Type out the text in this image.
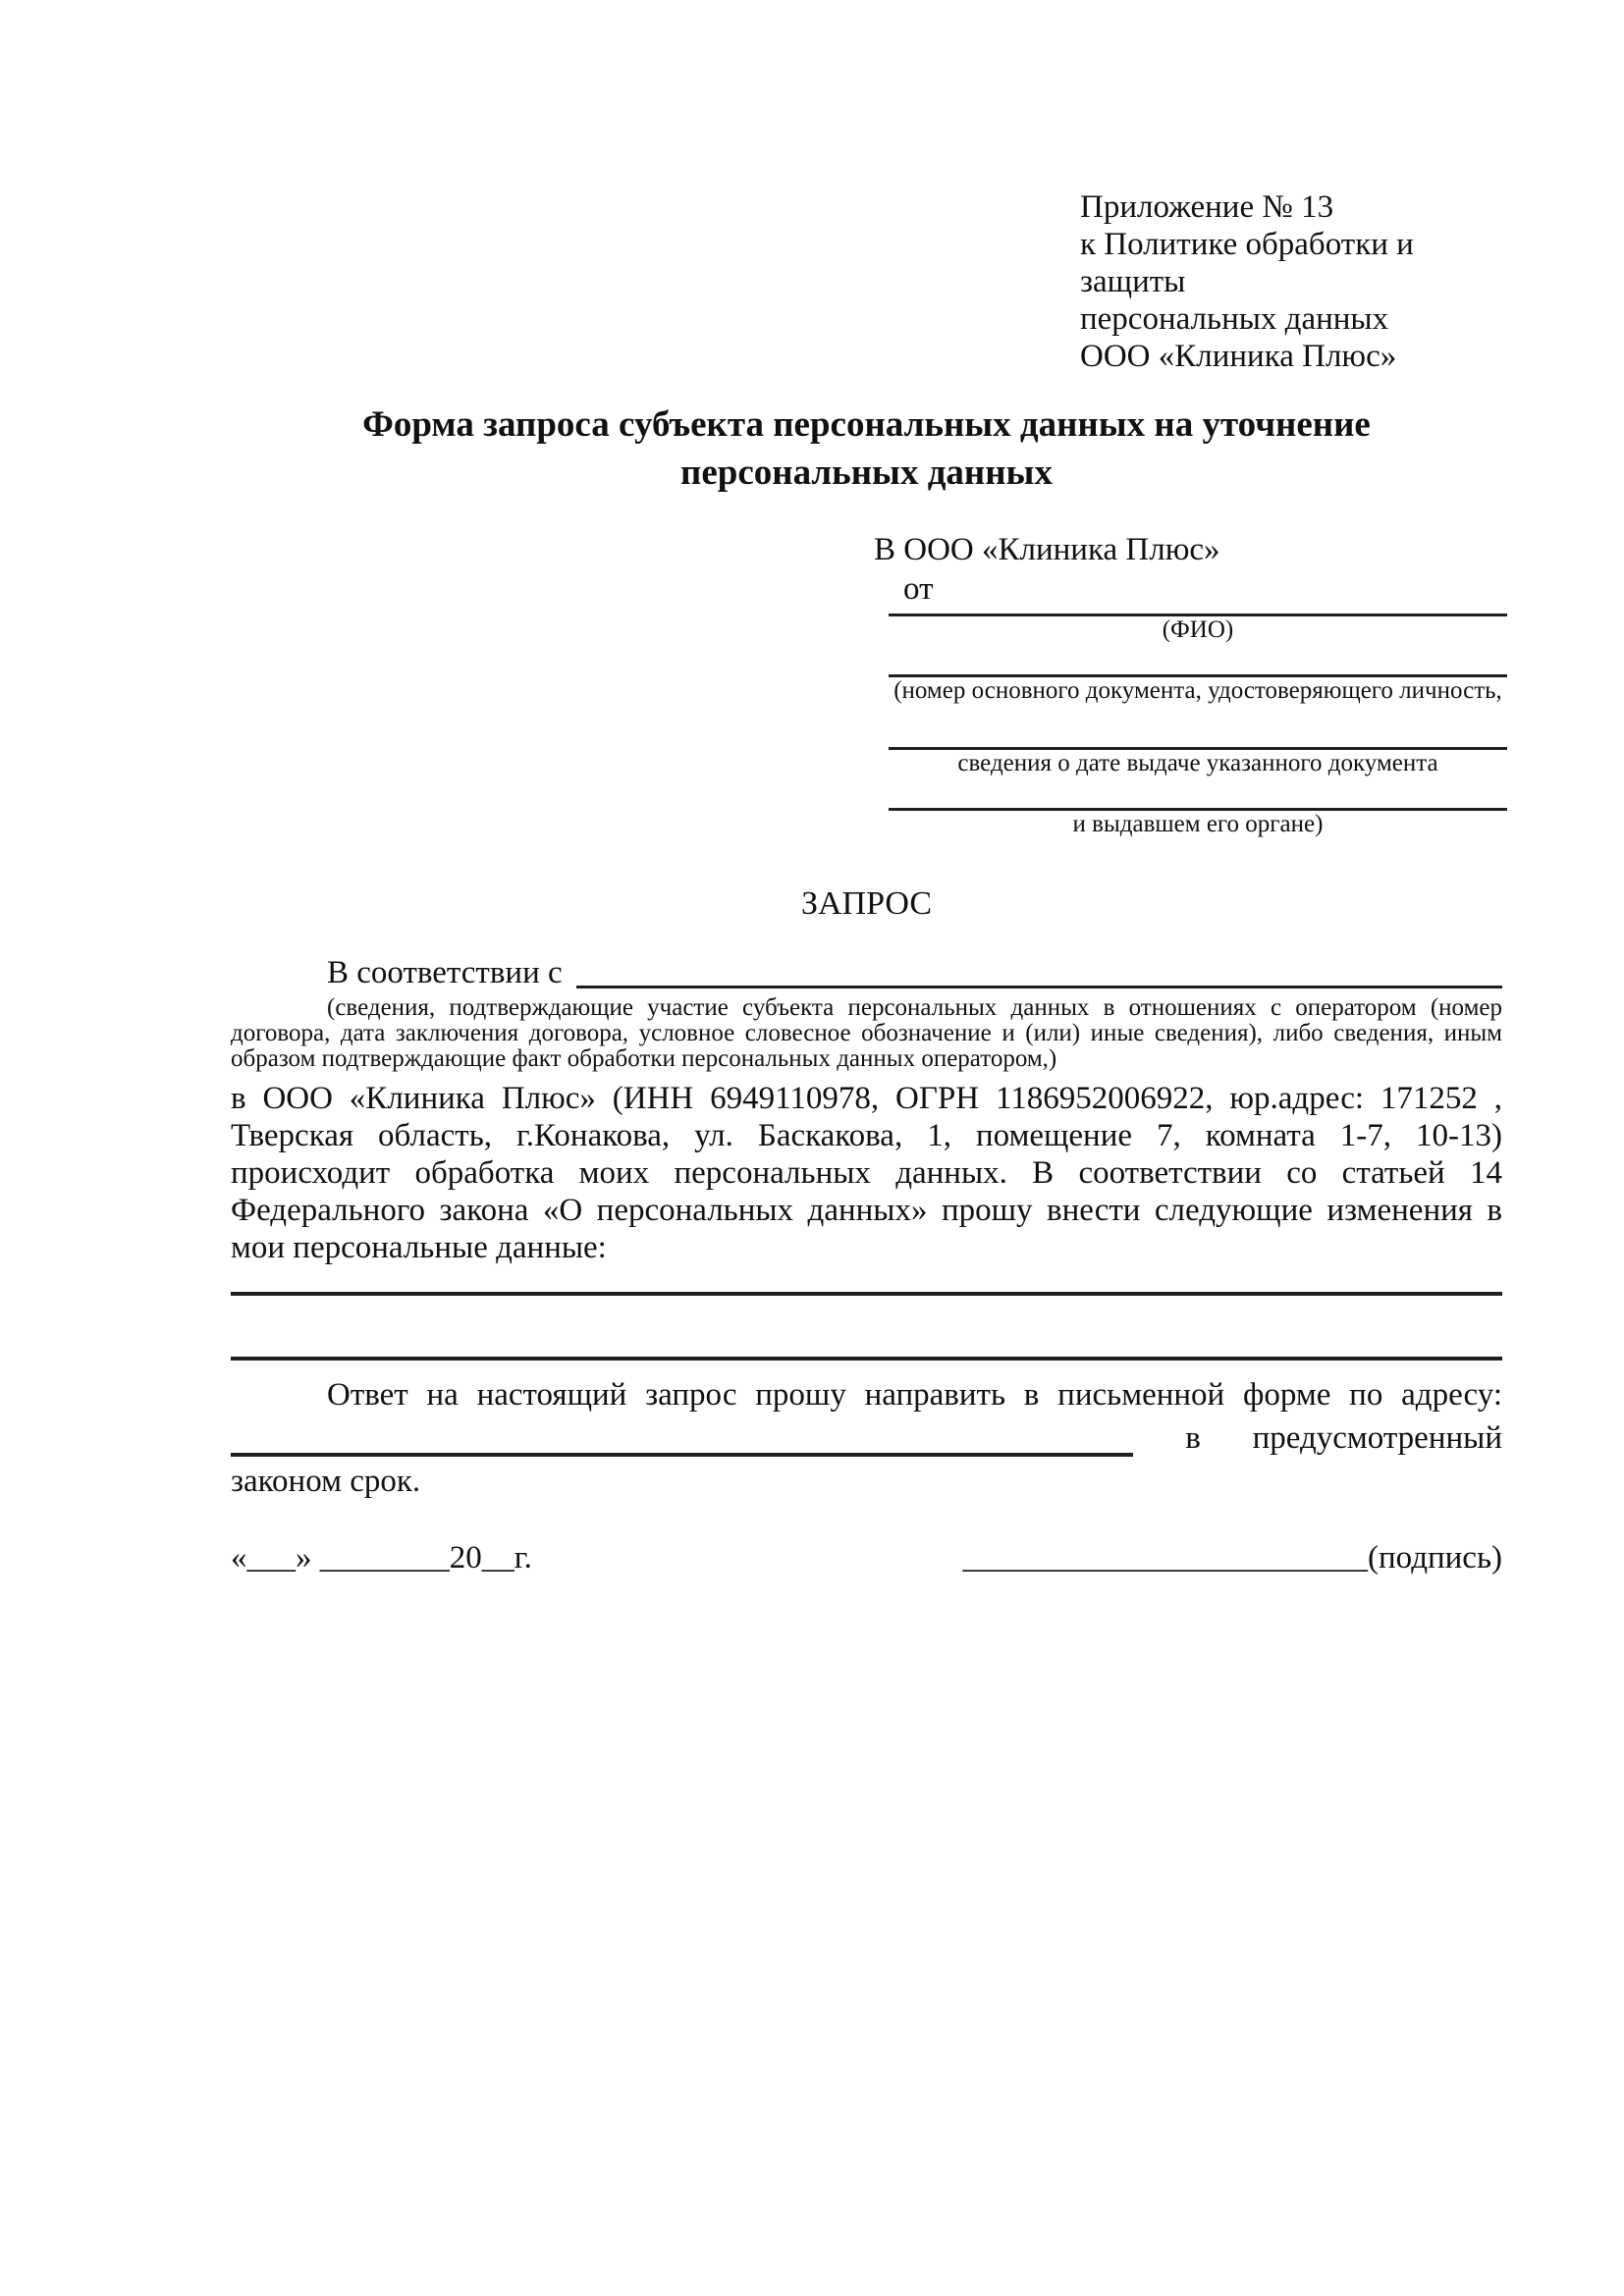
Приложение № 13
к Политике обработки и защиты
персональных данных
ООО «Клиника Плюс»
Форма запроса субъекта персональных данных на уточнение персональных данных
В ООО «Клиника Плюс»
от
(ФИО)
(номер основного документа, удостоверяющего личность,
сведения о дате выдаче указанного документа
и выдавшем его органе)
ЗАПРОС
В соответствии с
(сведения, подтверждающие участие субъекта персональных данных в отношениях с оператором (номер договора, дата заключения договора, условное словесное обозначение и (или) иные сведения), либо сведения, иным образом подтверждающие факт обработки персональных данных оператором,)
в ООО «Клиника Плюс» (ИНН 6949110978, ОГРН 1186952006922, юр.адрес: 171252 , Тверская область, г.Конакова, ул. Баскакова, 1, помещение 7, комната 1-7, 10-13) происходит обработка моих персональных данных. В соответствии со статьей 14 Федерального закона «О персональных данных» прошу внести следующие изменения в мои персональные данные:
Ответ на настоящий запрос прошу направить в письменной форме по адресу:
в предусмотренный
законом срок.
«___» ________20__г.	_________________________(подпись)
